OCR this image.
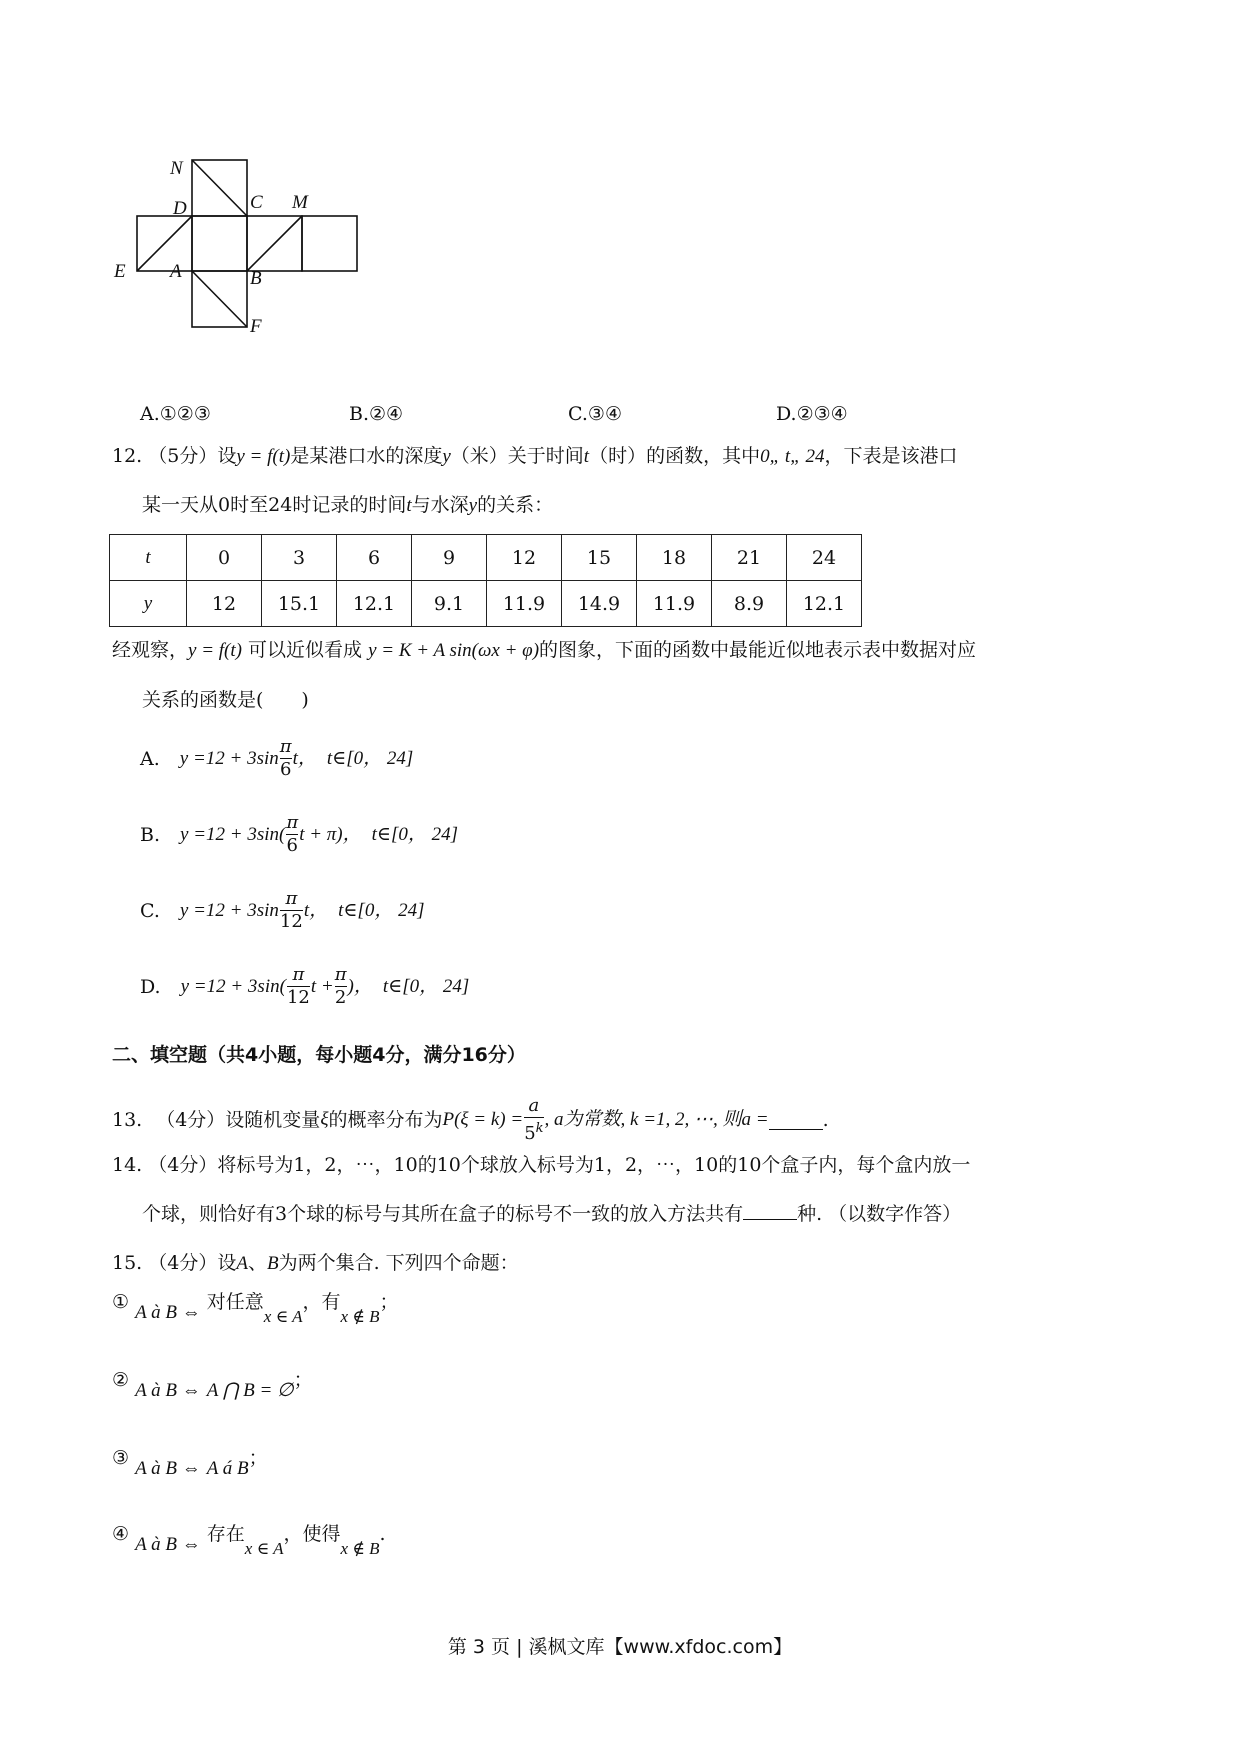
N
D	C M
E A	B
F
A.①②③	B.②④	C.③④	D.②③④
12. （5分）设y = f(t)是某港口水的深度y（米）关于时间t（时）的函数，其中0„ t„ 24，下表是该港口
某一天从0时至24时记录的时间t与水深y的关系：
t	0	3	6	9	12	15	18	21	24
y	12	15.1	12.1	9.1	11.9	14.9	11.9	8.9	12.1
经观察，y = f(t) 可以近似看成 y = K + A sin(ωx + φ)的图象，下面的函数中最能近似地表示表中数据对应
关系的函数是(　　)
A. $y =12 + 3\sin \frac{\pi}{6}$ t， t∈[0， 24]
B. $y =12 + 3\sin( \frac{\pi}{6}$ t + π)， t∈[0， 24]
C. $y =12 + 3\sin \frac{\pi}{12}$ t， t∈[0， 24]
D. $y =12 + 3\sin( \frac{\pi}{12}$ $t + \frac{\pi}{2}$ )， t∈[0， 24]
二、填空题（共4小题，每小题4分，满分16分）
13. （4分）设随机变量 ξ 的概率分布为 $P(\xi = k) = \frac{a}{5^k}$ , a为常数, k =1, 2, ⋯, 则a =	.
14. （4分）将标号为1，2，⋯，10的10个球放入标号为1，2，⋯，10的10个盒子内，每个盒内放一
个球，则恰好有3个球的标号与其所在盒子的标号不一致的放入方法共有	种. （以数字作答）
15. （4分）设A、B为两个集合. 下列四个命题：
① A à B ⇔ 对任意x ∈ A，有x ∉ B；
② A à B ⇔ A ⋂ B = ∅；
③ A à B ⇔ A á B；
④ A à B ⇔ 存在x ∈ A，使得x ∉ B.
第 3 页 | 溪枫文库【www.xfdoc.com】
